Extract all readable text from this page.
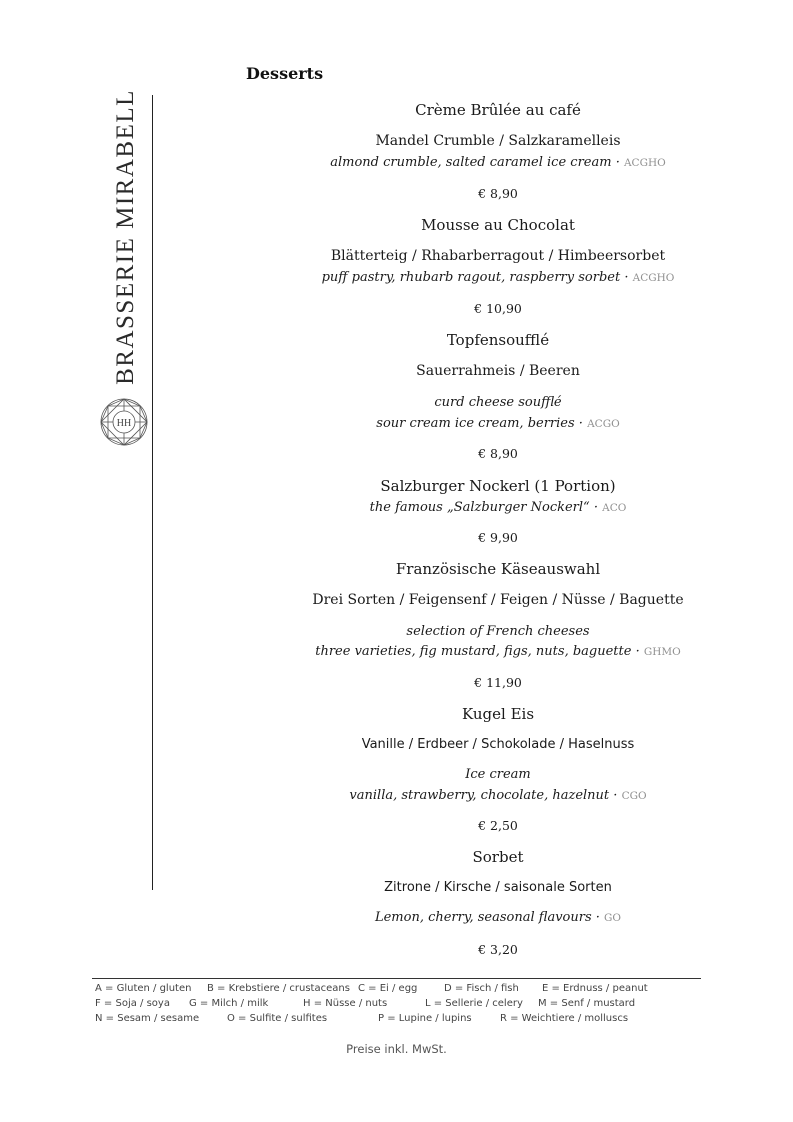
BRASSERIE MIRABELL
HH
Desserts
Crème Brûlée au café
Mandel Crumble / Salzkaramelleis
almond crumble, salted caramel ice cream · ACGHO
€ 8,90
Mousse au Chocolat
Blätterteig / Rhabarberragout / Himbeersorbet
puff pastry, rhubarb ragout, raspberry sorbet · ACGHO
€ 10,90
Topfensoufflé
Sauerrahmeis / Beeren
curd cheese soufflé
sour cream ice cream, berries · ACGO
€ 8,90
Salzburger Nockerl (1 Portion)
the famous „Salzburger Nockerl“ · ACO
€ 9,90
Französische Käseauswahl
Drei Sorten / Feigensenf / Feigen / Nüsse / Baguette
selection of French cheeses
three varieties, fig mustard, figs, nuts, baguette · GHMO
€ 11,90
Kugel Eis
Vanille / Erdbeer / Schokolade / Haselnuss
Ice cream
vanilla, strawberry, chocolate, hazelnut · CGO
€ 2,50
Sorbet
Zitrone / Kirsche / saisonale Sorten
Lemon, cherry, seasonal flavours · GO
€ 3,20
A = Gluten / gluten	B = Krebstiere / crustaceans C = Ei / egg	D = Fisch / fish	E = Erdnuss / peanut
F = Soja / soya	G = Milch / milk	H = Nüsse / nuts	L = Sellerie / celery	M = Senf / mustard
N = Sesam / sesame	O = Sulfite / sulfites	P = Lupine / lupins	R = Weichtiere / molluscs
Preise inkl. MwSt.
